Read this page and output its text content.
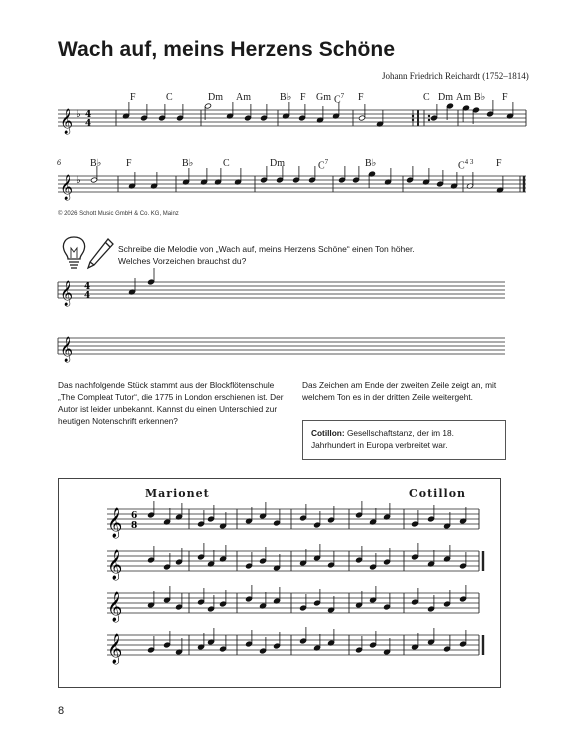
Wach auf, meins Herzens Schöne
Johann Friedrich Reichardt (1752–1814)
F	C	Dm Am	B♭ F Gm $C^7$ F	C Dm Am B♭ F
𝄞 ♭ 4
4
B♭ F	B♭	C	Dm	$C^7$	B♭	$C^{4 3}$ F
6
𝄞 ♭
© 2026 Schott Music GmbH & Co. KG, Mainz
Schreibe die Melodie von „Wach auf, meins Herzens Schöne“ einen Ton höher.
Welches Vorzeichen brauchst du?
𝄞
𝄞
4
4
Das nachfolgende Stück stammt aus der Blockflötenschule „The Compleat Tutor“, die 1775 in London erschienen ist. Der Autor ist leider unbekannt. Kannst du einen Unterschied zur heutigen Notenschrift erkennen?
Das Zeichen am Ende der zweiten Zeile zeigt an, mit welchem Ton es in der dritten Zeile weitergeht.
Cotillon: Gesellschaftstanz, der im 18. Jahrhundert in Europa verbreitet war.
Marionet	Cotillon
𝄞 6
8
𝄞
𝄞
𝄞
8
